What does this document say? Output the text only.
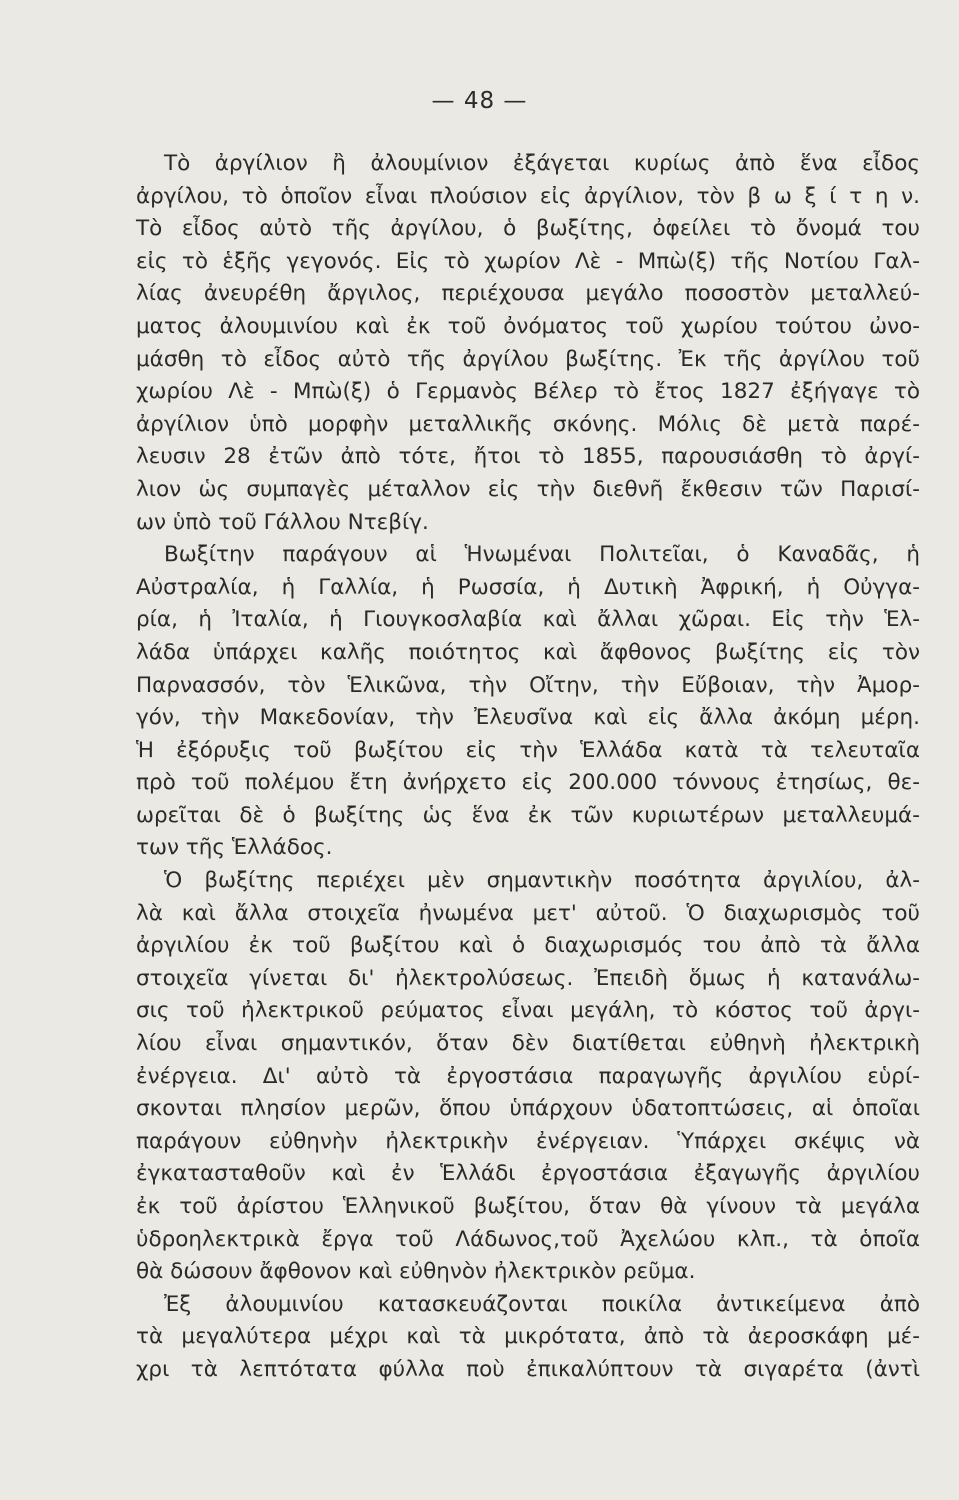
— 48 —

Τὸ ἀργίλιον ἢ ἀλουμίνιον ἐξάγεται κυρίως ἀπὸ ἕνα εἶδος
ἀργίλου, τὸ ὁποῖον εἶναι πλούσιον εἰς ἀργίλιον, τὸν β ω ξ ί τ η ν.
Τὸ εἶδος αὐτὸ τῆς ἀργίλου, ὁ βωξίτης, ὀφείλει τὸ ὄνομά του
εἰς τὸ ἑξῆς γεγονός. Εἰς τὸ χωρίον Λὲ - Μπὼ(ξ) τῆς Νοτίου Γαλ-
λίας ἀνευρέθη ἄργιλος, περιέχουσα μεγάλο ποσοστὸν μεταλλεύ-
ματος ἀλουμινίου καὶ ἐκ τοῦ ὀνόματος τοῦ χωρίου τούτου ὠνο-
μάσθη τὸ εἶδος αὐτὸ τῆς ἀργίλου βωξίτης. Ἐκ τῆς ἀργίλου τοῦ
χωρίου Λὲ - Μπὼ(ξ) ὁ Γερμανὸς Βέλερ τὸ ἔτος 1827 ἐξήγαγε τὸ
ἀργίλιον ὑπὸ μορφὴν μεταλλικῆς σκόνης. Μόλις δὲ μετὰ παρέ-
λευσιν 28 ἐτῶν ἀπὸ τότε, ἤτοι τὸ 1855, παρουσιάσθη τὸ ἀργί-
λιον ὡς συμπαγὲς μέταλλον εἰς τὴν διεθνῆ ἔκθεσιν τῶν Παρισί-
ων ὑπὸ τοῦ Γάλλου Ντεβίγ.

Βωξίτην παράγουν αἱ Ἡνωμέναι Πολιτεῖαι, ὁ Καναδᾶς, ἡ
Αὐστραλία, ἡ Γαλλία, ἡ Ρωσσία, ἡ Δυτικὴ Ἀφρική, ἡ Οὐγγα-
ρία, ἡ Ἰταλία, ἡ Γιουγκοσλαβία καὶ ἄλλαι χῶραι. Εἰς τὴν Ἑλ-
λάδα ὑπάρχει καλῆς ποιότητος καὶ ἄφθονος βωξίτης εἰς τὸν
Παρνασσόν, τὸν Ἑλικῶνα, τὴν Οἴτην, τὴν Εὔβοιαν, τὴν Ἀμορ-
γόν, τὴν Μακεδονίαν, τὴν Ἐλευσῖνα καὶ εἰς ἄλλα ἀκόμη μέρη.
Ἡ ἐξόρυξις τοῦ βωξίτου εἰς τὴν Ἑλλάδα κατὰ τὰ τελευταῖα
πρὸ τοῦ πολέμου ἔτη ἀνήρχετο εἰς 200.000 τόννους ἐτησίως, θε-
ωρεῖται δὲ ὁ βωξίτης ὡς ἕνα ἐκ τῶν κυριωτέρων μεταλλευμά-
των τῆς Ἑλλάδος.

Ὁ βωξίτης περιέχει μὲν σημαντικὴν ποσότητα ἀργιλίου, ἀλ-
λὰ καὶ ἄλλα στοιχεῖα ἠνωμένα μετ' αὐτοῦ. Ὁ διαχωρισμὸς τοῦ
ἀργιλίου ἐκ τοῦ βωξίτου καὶ ὁ διαχωρισμός του ἀπὸ τὰ ἄλλα
στοιχεῖα γίνεται δι' ἠλεκτρολύσεως. Ἐπειδὴ ὅμως ἡ κατανάλω-
σις τοῦ ἠλεκτρικοῦ ρεύματος εἶναι μεγάλη, τὸ κόστος τοῦ ἀργι-
λίου εἶναι σημαντικόν, ὅταν δὲν διατίθεται εὐθηνὴ ἠλεκτρικὴ
ἐνέργεια. Δι' αὐτὸ τὰ ἐργοστάσια παραγωγῆς ἀργιλίου εὑρί-
σκονται πλησίον μερῶν, ὅπου ὑπάρχουν ὑδατοπτώσεις, αἱ ὁποῖαι
παράγουν εὐθηνὴν ἠλεκτρικὴν ἐνέργειαν. Ὑπάρχει σκέψις νὰ
ἐγκατασταθοῦν καὶ ἐν Ἑλλάδι ἐργοστάσια ἐξαγωγῆς ἀργιλίου
ἐκ τοῦ ἀρίστου Ἑλληνικοῦ βωξίτου, ὅταν θὰ γίνουν τὰ μεγάλα
ὑδροηλεκτρικὰ ἔργα τοῦ Λάδωνος,τοῦ Ἀχελώου κλπ., τὰ ὁποῖα
θὰ δώσουν ἄφθονον καὶ εὐθηνὸν ἠλεκτρικὸν ρεῦμα.

Ἐξ ἀλουμινίου κατασκευάζονται ποικίλα ἀντικείμενα ἀπὸ
τὰ μεγαλύτερα μέχρι καὶ τὰ μικρότατα, ἀπὸ τὰ ἀεροσκάφη μέ-
χρι τὰ λεπτότατα φύλλα ποὺ ἐπικαλύπτουν τὰ σιγαρέτα (ἀντὶ
